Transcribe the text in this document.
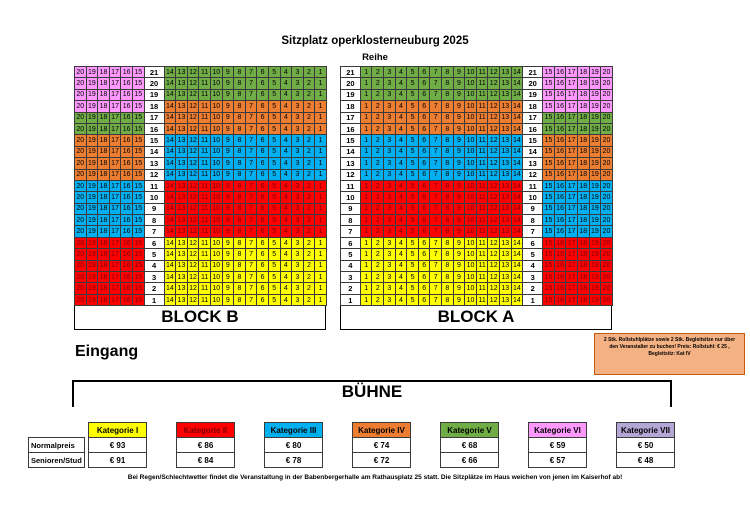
Sitzplatz operklosterneuburg 2025
Reihe
20	19	18	17	16	15	21	14	13	12	11	10	9	8	7	6	5	4	3	2	1		21	1	2	3	4	5	6	7	8	9	10	11	12	13	14	21	15	16	17	18	19	20
20	19	18	17	16	15	20	14	13	12	11	10	9	8	7	6	5	4	3	2	1		20	1	2	3	4	5	6	7	8	9	10	11	12	13	14	20	15	16	17	18	19	20
20	19	18	17	16	15	19	14	13	12	11	10	9	8	7	6	5	4	3	2	1		19	1	2	3	4	5	6	7	8	9	10	11	12	13	14	19	15	16	17	18	19	20
20	19	18	17	16	15	18	14	13	12	11	10	9	8	7	6	5	4	3	2	1		18	1	2	3	4	5	6	7	8	9	10	11	12	13	14	18	15	16	17	18	19	20
20	19	18	17	16	15	17	14	13	12	11	10	9	8	7	6	5	4	3	2	1		17	1	2	3	4	5	6	7	8	9	10	11	12	13	14	17	15	16	17	18	19	20
20	19	18	17	16	15	16	14	13	12	11	10	9	8	7	6	5	4	3	2	1		16	1	2	3	4	5	6	7	8	9	10	11	12	13	14	16	15	16	17	18	19	20
20	19	18	17	16	15	15	14	13	12	11	10	9	8	7	6	5	4	3	2	1		15	1	2	3	4	5	6	7	8	9	10	11	12	13	14	15	15	16	17	18	19	20
20	19	18	17	16	15	14	14	13	12	11	10	9	8	7	6	5	4	3	2	1		14	1	2	3	4	5	6	7	8	9	10	11	12	13	14	14	15	16	17	18	19	20
20	19	18	17	16	15	13	14	13	12	11	10	9	8	7	6	5	4	3	2	1		13	1	2	3	4	5	6	7	8	9	10	11	12	13	14	13	15	16	17	18	19	20
20	19	18	17	16	15	12	14	13	12	11	10	9	8	7	6	5	4	3	2	1		12	1	2	3	4	5	6	7	8	9	10	11	12	13	14	12	15	16	17	18	19	20
20	19	18	17	16	15	11	14	13	12	11	10	9	8	7	6	5	4	3	2	1		11	1	2	3	4	5	6	7	8	9	10	11	12	13	14	11	15	16	17	18	19	20
20	19	18	17	16	15	10	14	13	12	11	10	9	8	7	6	5	4	3	2	1		10	1	2	3	4	5	6	7	8	9	10	11	12	13	14	10	15	16	17	18	19	20
20	19	18	17	16	15	9	14	13	12	11	10	9	8	7	6	5	4	3	2	1		9	1	2	3	4	5	6	7	8	9	10	11	12	13	14	9	15	16	17	18	19	20
20	19	18	17	16	15	8	14	13	12	11	10	9	8	7	6	5	4	3	2	1		8	1	2	3	4	5	6	7	8	9	10	11	12	13	14	8	15	16	17	18	19	20
20	19	18	17	16	15	7	14	13	12	11	10	9	8	7	6	5	4	3	2	1		7	1	2	3	4	5	6	7	8	9	10	11	12	13	14	7	15	16	17	18	19	20
20	19	18	17	16	15	6	14	13	12	11	10	9	8	7	6	5	4	3	2	1		6	1	2	3	4	5	6	7	8	9	10	11	12	13	14	6	15	16	17	18	19	20
20	19	18	17	16	15	5	14	13	12	11	10	9	8	7	6	5	4	3	2	1		5	1	2	3	4	5	6	7	8	9	10	11	12	13	14	5	15	16	17	18	19	20
20	19	18	17	16	15	4	14	13	12	11	10	9	8	7	6	5	4	3	2	1		4	1	2	3	4	5	6	7	8	9	10	11	12	13	14	4	15	16	17	18	19	20
20	19	18	17	16	15	3	14	13	12	11	10	9	8	7	6	5	4	3	2	1		3	1	2	3	4	5	6	7	8	9	10	11	12	13	14	3	15	16	17	18	19	20
20	19	18	17	16	15	2	14	13	12	11	10	9	8	7	6	5	4	3	2	1		2	1	2	3	4	5	6	7	8	9	10	11	12	13	14	2	15	16	17	18	19	20
20	19	18	17	16	15	1	14	13	12	11	10	9	8	7	6	5	4	3	2	1		1	1	2	3	4	5	6	7	8	9	10	11	12	13	14	1	15	16	17	18	19	20
BLOCK B	BLOCK A
Eingang
2 Stk. Rollstuhlplätze sowie 2 Stk. Begleitsitze nur über den Veranstalter zu buchen! Preis: Rollstuhl: € 25 , Begleitsitz: Kat IV
BÜHNE
		Kategorie I		Kategorie II		Kategorie III		Kategorie IV		Kategorie V		Kategorie VI		Kategorie VII
Normalpreis		€ 93		€ 86		€ 80		€ 74		€ 68		€ 59		€ 50
Senioren/Stud		€ 91		€ 84		€ 78		€ 72		€ 66		€ 57		€ 48
Bei Regen/Schlechtwetter findet die Veranstaltung in der Babenbergerhalle am Rathausplatz 25 statt. Die Sitzplätze im Haus weichen von jenen im Kaiserhof ab!
